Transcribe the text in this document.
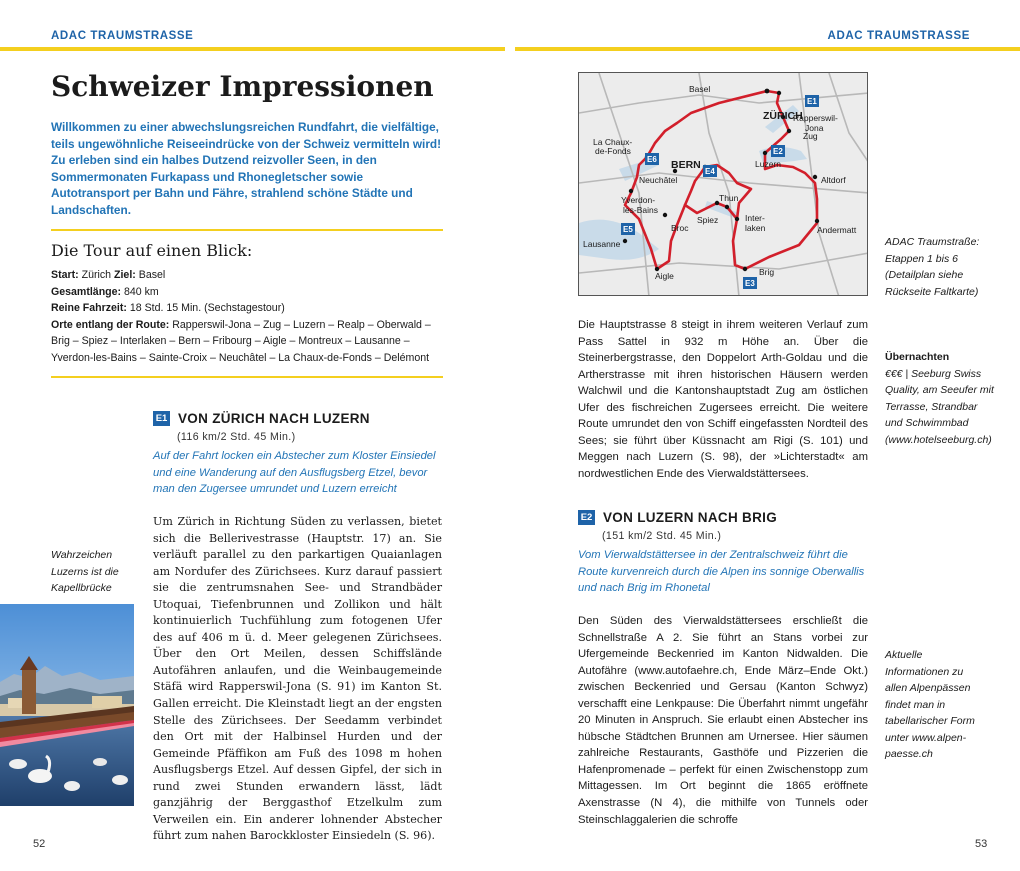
ADAC TRAUMSTRASSE	ADAC TRAUMSTRASSE
Schweizer Impressionen

Willkommen zu einer abwechslungsreichen Rundfahrt, die vielfältige, teils ungewöhnliche Reiseeindrücke von der Schweiz vermitteln wird! Zu erleben sind ein halbes Dutzend reizvoller Seen, in den Sommermonaten Furkapass und Rhonegletscher sowie Autotransport per Bahn und Fähre, strahlend schöne Städte und Landschaften.

Die Tour auf einen Blick:
Start: Zürich Ziel: Basel
Gesamtlänge: 840 km
Reine Fahrzeit: 18 Std. 15 Min. (Sechstagestour)
Orte entlang der Route: Rapperswil-Jona – Zug – Luzern – Realp – Oberwald – Brig – Spiez – Interlaken – Bern – Fribourg – Aigle – Montreux – Lausanne – Yverdon-les-Bains – Sainte-Croix – Neuchâtel – La Chaux-de-Fonds – Delémont
E1 VON ZÜRICH NACH LUZERN
(116 km/2 Std. 45 Min.)
Auf der Fahrt locken ein Abstecher zum Kloster Einsiedel und eine Wanderung auf den Ausflugsberg Etzel, bevor man den Zugersee umrundet und Luzern erreicht
Um Zürich in Richtung Süden zu verlassen, bietet sich die Bellerivestrasse (Hauptstr. 17) an. Sie verläuft parallel zu den parkartigen Quaianlagen am Nordufer des Zürichsees. Kurz darauf passiert sie die zentrumsnahen See- und Strandbäder Utoquai, Tiefenbrunnen und Zollikon und hält kontinuierlich Tuchfühlung zum fotogenen Ufer des auf 406 m ü. d. Meer gelegenen Zürichsees. Über den Ort Meilen, dessen Schiffslände Autofähren anlaufen, und die Weinbaugemeinde Stäfä wird Rapperswil-Jona (S. 91) im Kanton St. Gallen erreicht. Die Kleinstadt liegt an der engsten Stelle des Zürichsees. Der Seedamm verbindet den Ort mit der Halbinsel Hurden und der Gemeinde Pfäffikon am Fuß des 1098 m hohen Ausflugsbergs Etzel. Auf dessen Gipfel, der sich in rund zwei Stunden erwandern lässt, lädt ganzjährig der Berggasthof Etzelkulm zum Verweilen ein. Ein anderer lohnender Abstecher führt zum nahen Barockkloster Einsiedeln (S. 96).
Wahrzeichen Luzerns ist die Kapellbrücke
52
Basel
ZÜRICH
Rapperswil-
Jona
Zug
La Chaux-
de-Fonds
BERN	Luzern
Neuchâtel	Altdorf
Yverdon-
les-Bains
Thun
Broc
Spiez	Inter-
laken	Andermatt
Lausanne
Aigle	Brig
E1
E2
E3
E4
E5
E6
ADAC Traumstraße: Etappen 1 bis 6 (Detailplan siehe Rückseite Faltkarte)
Die Hauptstrasse 8 steigt in ihrem weiteren Verlauf zum Pass Sattel in 932 m Höhe an. Über die Steinerbergstrasse, den Doppelort Arth-Goldau und die Artherstrasse mit ihren historischen Häusern werden Walchwil und die Kantonshauptstadt Zug am östlichen Ufer des fischreichen Zugersees erreicht. Die weitere Route umrundet den von Schiff eingefassten Nordteil des Sees; sie führt über Küssnacht am Rigi (S. 101) und Meggen nach Luzern (S. 98), der »Lichterstadt« am nordwestlichen Ende des Vierwaldstättersees.
Übernachten
€€€ | Seeburg Swiss Quality, am Seeufer mit Terrasse, Strandbar und Schwimmbad (www.hotelseeburg.ch)
E2 VON LUZERN NACH BRIG
(151 km/2 Std. 45 Min.)
Vom Vierwaldstättersee in der Zentralschweiz führt die Route kurvenreich durch die Alpen ins sonnige Oberwallis und nach Brig im Rhonetal
Den Süden des Vierwaldstättersees erschließt die Schnellstraße A 2. Sie führt an Stans vorbei zur Ufergemeinde Beckenried im Kanton Nidwalden. Die Autofähre (www.autofaehre.ch, Ende März–Ende Okt.) zwischen Beckenried und Gersau (Kanton Schwyz) verschafft eine Lenkpause: Die Überfahrt nimmt ungefähr 20 Minuten in Anspruch. Sie erlaubt einen Abstecher ins hübsche Städtchen Brunnen am Urnersee. Hier säumen zahlreiche Restaurants, Gasthöfe und Pizzerien die Hafenpromenade – perfekt für einen Zwischenstopp zum Mittagessen. Im Ort beginnt die 1865 eröffnete Axenstrasse (N 4), die mithilfe von Tunnels oder Steinschlaggalerien die schroffe
Aktuelle Informationen zu allen Alpenpässen findet man in tabellarischer Form unter www.alpen-paesse.ch
53
